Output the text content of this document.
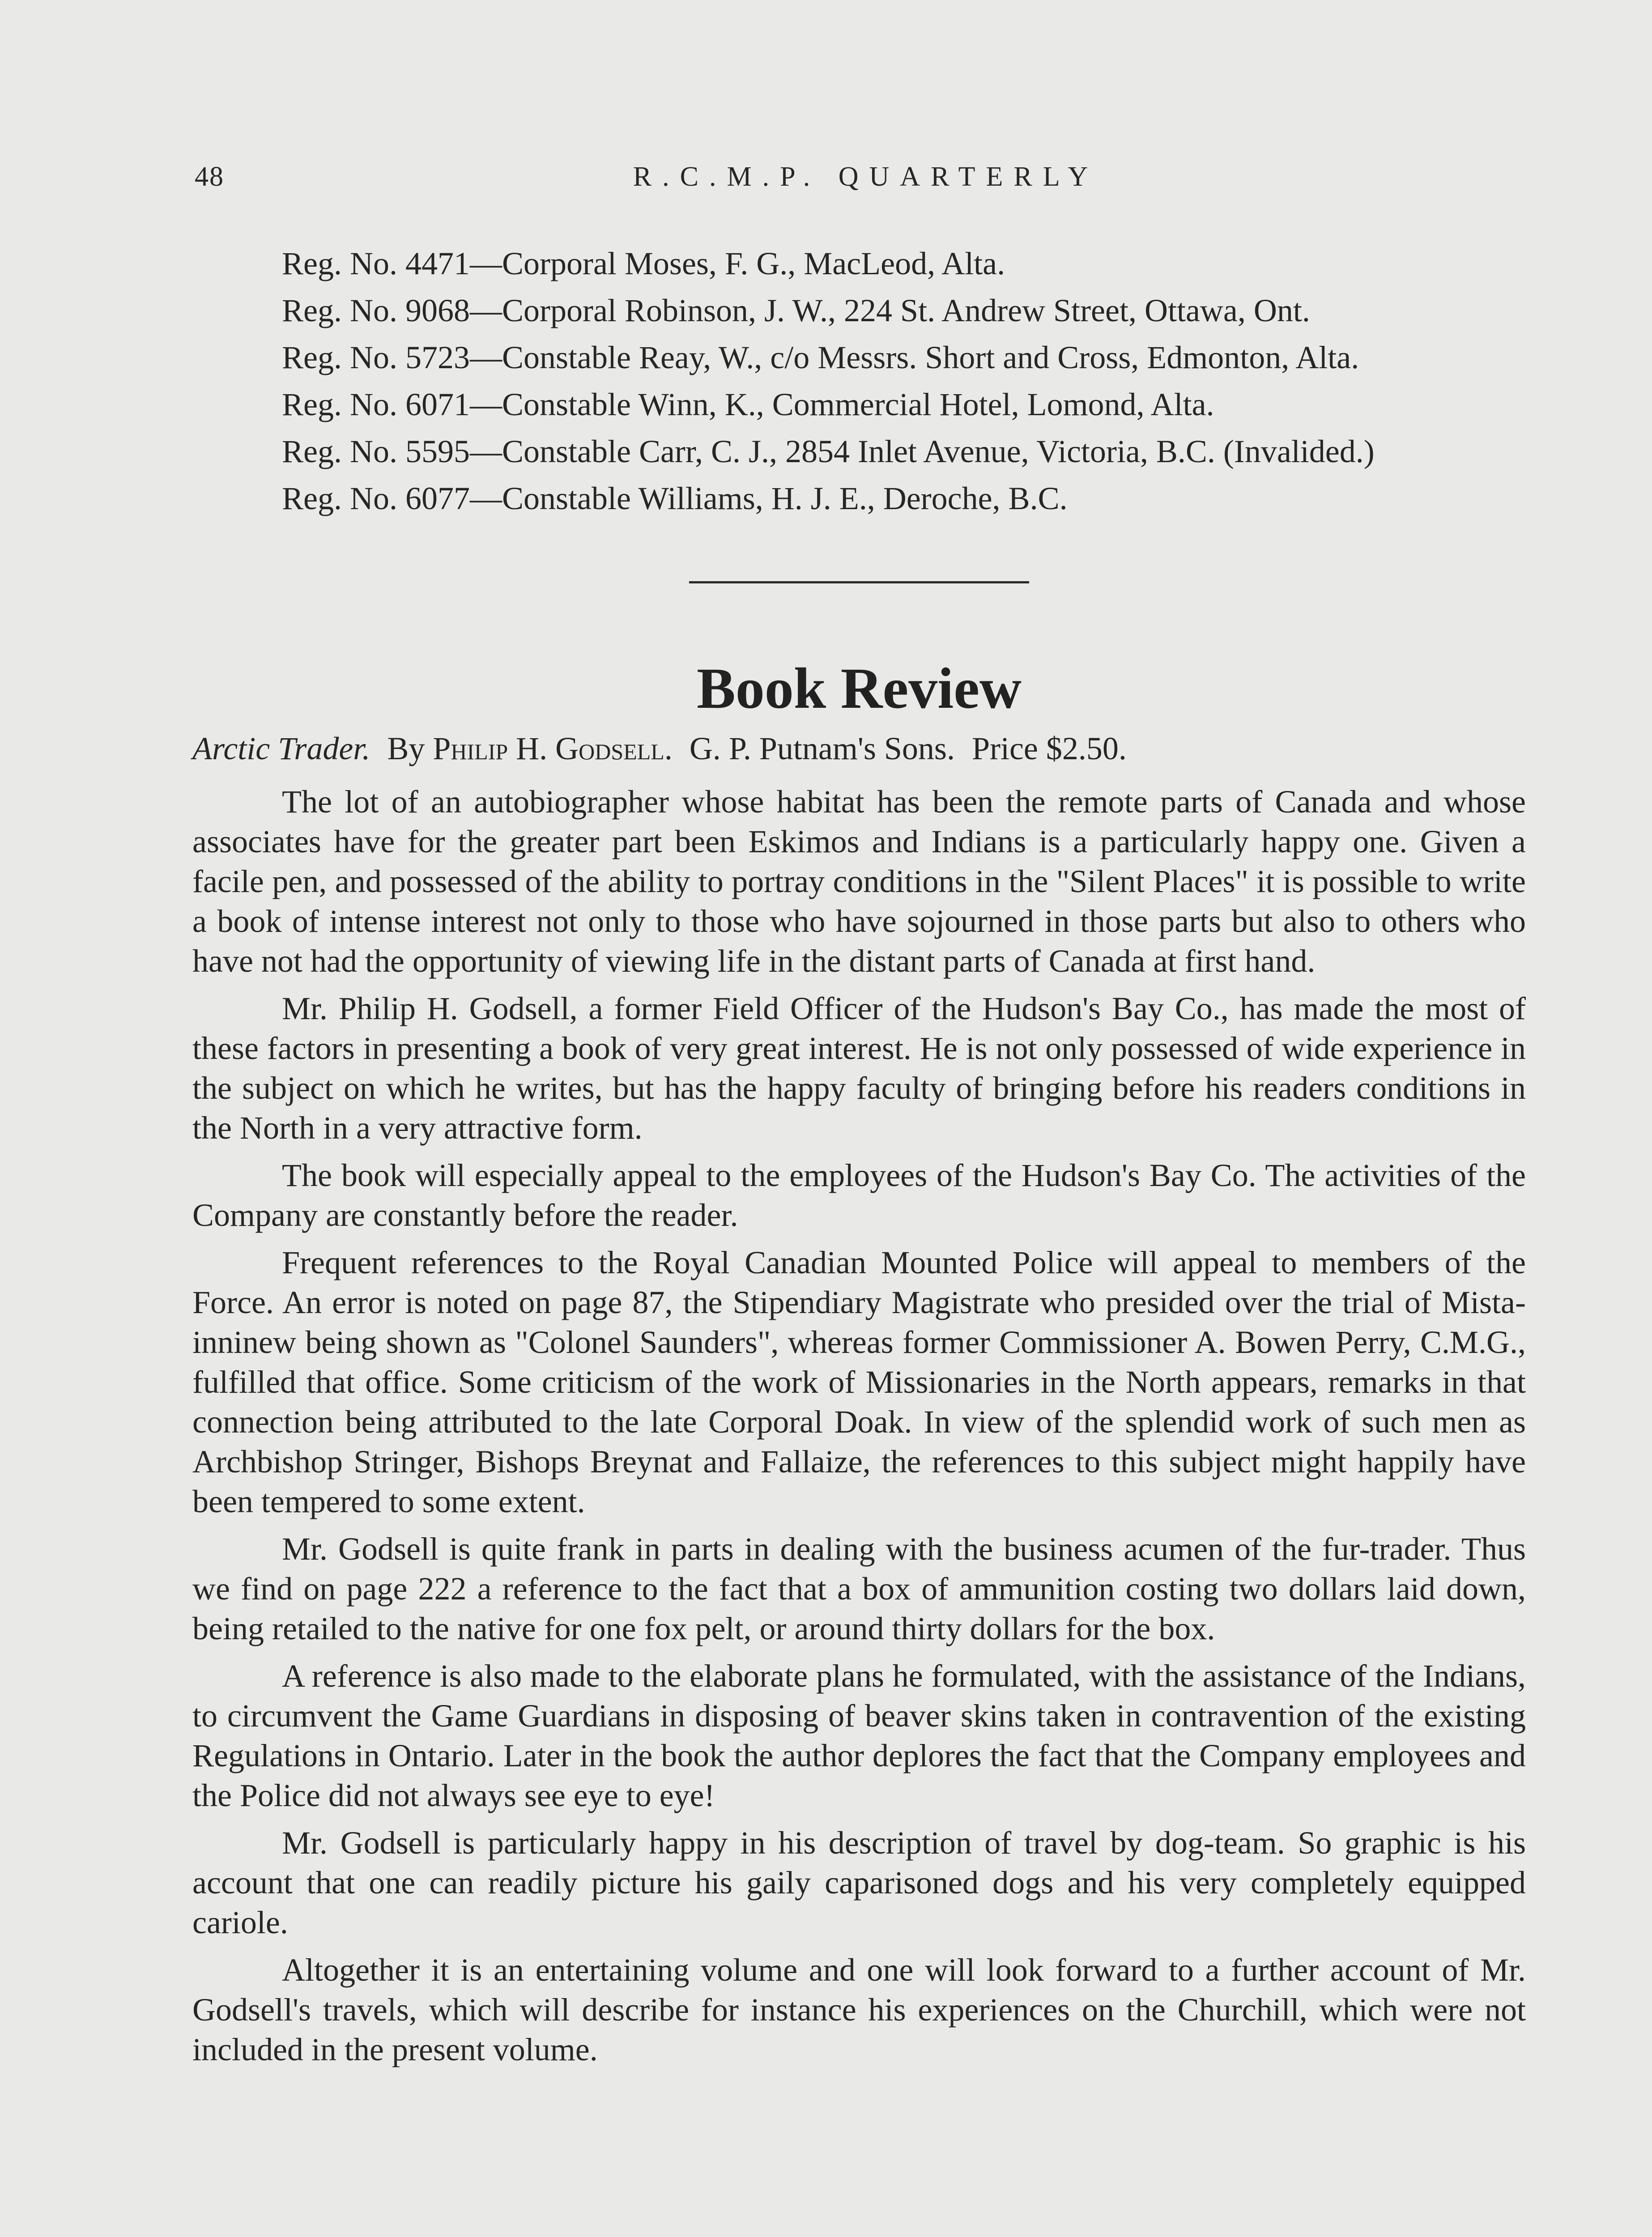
48	R.C.M.P. QUARTERLY

Reg. No. 4471—Corporal Moses, F. G., MacLeod, Alta.

Reg. No. 9068—Corporal Robinson, J. W., 224 St. Andrew Street, Ottawa, Ont.

Reg. No. 5723—Constable Reay, W., c/o Messrs. Short and Cross, Edmonton, Alta.

Reg. No. 6071—Constable Winn, K., Commercial Hotel, Lomond, Alta.

Reg. No. 5595—Constable Carr, C. J., 2854 Inlet Avenue, Victoria, B.C. (Invalided.)

Reg. No. 6077—Constable Williams, H. J. E., Deroche, B.C.

Book Review

Arctic Trader. By Philip H. Godsell. G. P. Putnam's Sons. Price $2.50.

The lot of an autobiographer whose habitat has been the remote parts of Canada and whose associates have for the greater part been Eskimos and Indians is a particularly happy one. Given a facile pen, and possessed of the ability to portray conditions in the "Silent Places" it is possible to write a book of intense interest not only to those who have sojourned in those parts but also to others who have not had the opportunity of viewing life in the distant parts of Canada at first hand.

Mr. Philip H. Godsell, a former Field Officer of the Hudson's Bay Co., has made the most of these factors in presenting a book of very great interest. He is not only possessed of wide experience in the subject on which he writes, but has the happy faculty of bringing before his readers conditions in the North in a very attractive form.

The book will especially appeal to the employees of the Hudson's Bay Co. The activities of the Company are constantly before the reader.

Frequent references to the Royal Canadian Mounted Police will appeal to members of the Force. An error is noted on page 87, the Stipendiary Magistrate who presided over the trial of Mista-inninew being shown as "Colonel Saunders", whereas former Commissioner A. Bowen Perry, C.M.G., fulfilled that office. Some criticism of the work of Missionaries in the North appears, remarks in that connection being attributed to the late Corporal Doak. In view of the splendid work of such men as Archbishop Stringer, Bishops Breynat and Fallaize, the references to this subject might happily have been tempered to some extent.

Mr. Godsell is quite frank in parts in dealing with the business acumen of the fur-trader. Thus we find on page 222 a reference to the fact that a box of ammunition costing two dollars laid down, being retailed to the native for one fox pelt, or around thirty dollars for the box.

A reference is also made to the elaborate plans he formulated, with the assistance of the Indians, to circumvent the Game Guardians in disposing of beaver skins taken in contravention of the existing Regulations in Ontario. Later in the book the author deplores the fact that the Company employees and the Police did not always see eye to eye!

Mr. Godsell is particularly happy in his description of travel by dog-team. So graphic is his account that one can readily picture his gaily caparisoned dogs and his very completely equipped cariole.

Altogether it is an entertaining volume and one will look forward to a further account of Mr. Godsell's travels, which will describe for instance his experiences on the Churchill, which were not included in the present volume.
